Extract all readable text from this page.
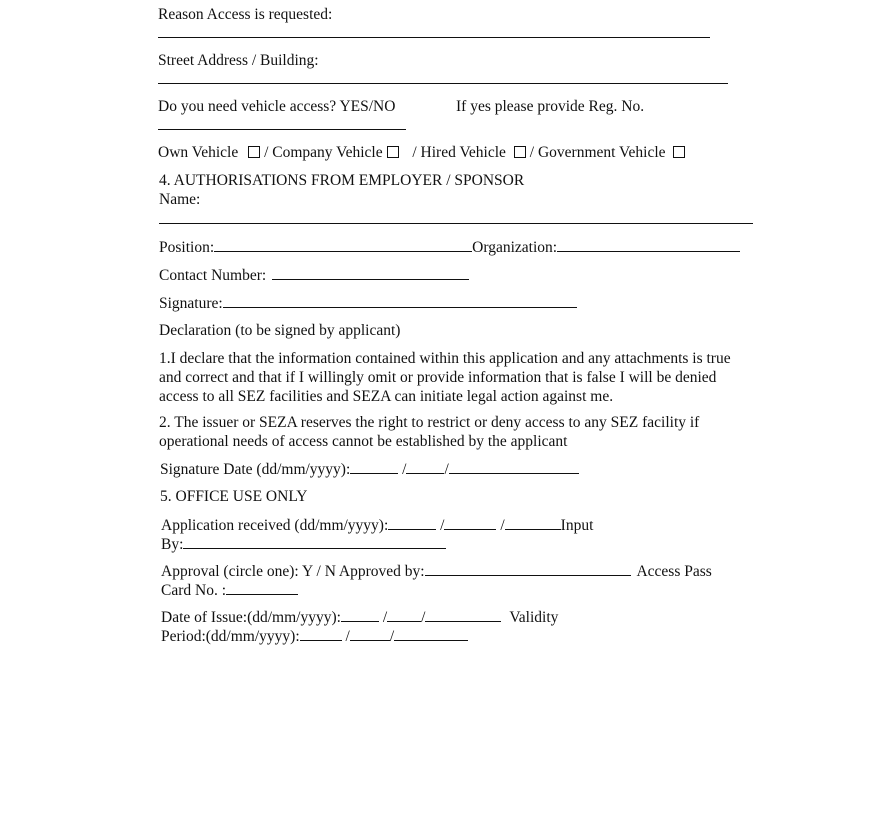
Reason Access is requested:
Street Address / Building:
Do you need vehicle access? YES/NO	If yes please provide Reg. No.
Own Vehicle / Company Vehicle / Hired Vehicle / Government Vehicle
4. AUTHORISATIONS FROM EMPLOYER / SPONSOR
Name:
Position:	Organization:
Contact Number:
Signature:
Declaration (to be signed by applicant)
1.I declare that the information contained within this application and any attachments is true and correct and that if I willingly omit or provide information that is false I will be denied access to all SEZ facilities and SEZA can initiate legal action against me.
2. The issuer or SEZA reserves the right to restrict or deny access to any SEZ facility if operational needs of access cannot be established by the applicant
Signature Date (dd/mm/yyyy):	/ /
5. OFFICE USE ONLY
Application received (dd/mm/yyyy):	/	/	Input
By:
Approval (circle one): Y / N Approved by:	Access Pass
Card No. :
Date of Issue:(dd/mm/yyyy):	/ /	Validity
Period:(dd/mm/yyyy):	/	/
